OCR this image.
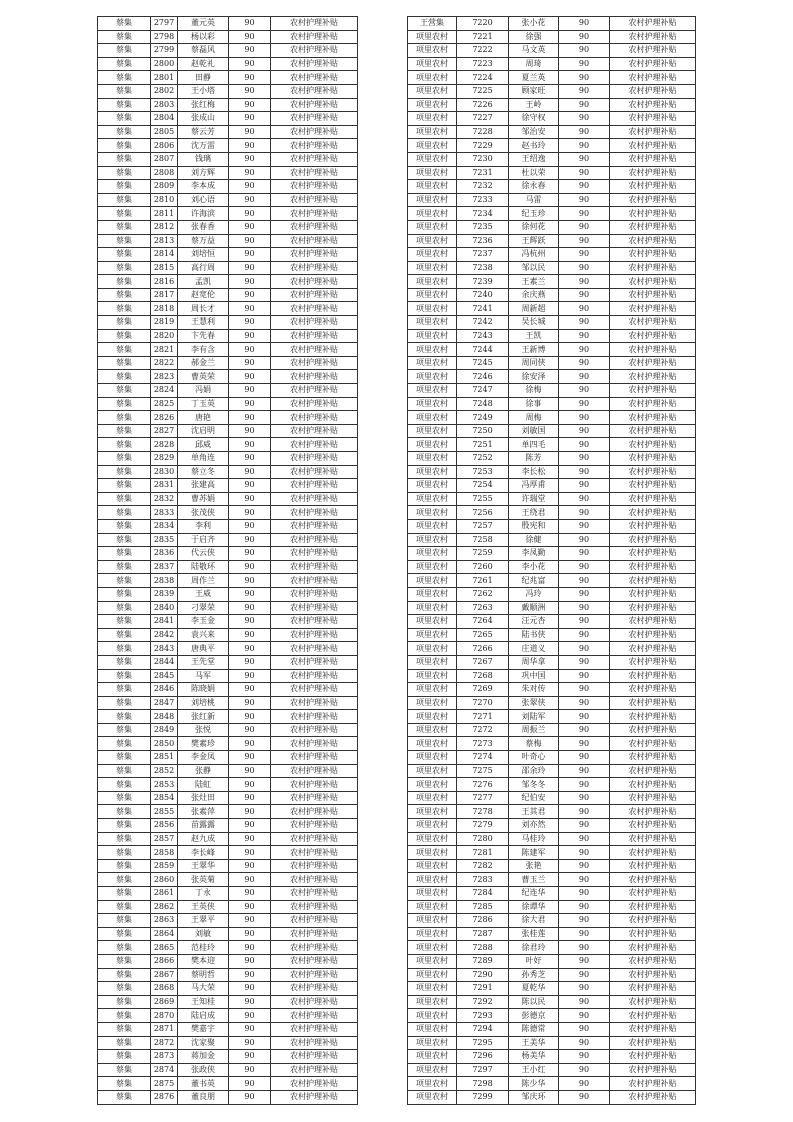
蔡集	2797	董元英	90	农村护理补贴
蔡集	2798	杨以彩	90	农村护理补贴
蔡集	2799	蔡磊风	90	农村护理补贴
蔡集	2800	赵乾礼	90	农村护理补贴
蔡集	2801	田静	90	农村护理补贴
蔡集	2802	王小塔	90	农村护理补贴
蔡集	2803	张红梅	90	农村护理补贴
蔡集	2804	张成山	90	农村护理补贴
蔡集	2805	蔡云芳	90	农村护理补贴
蔡集	2806	沈万雷	90	农村护理补贴
蔡集	2807	钱璃	90	农村护理补贴
蔡集	2808	刘方辉	90	农村护理补贴
蔡集	2809	李本成	90	农村护理补贴
蔡集	2810	刘心语	90	农村护理补贴
蔡集	2811	许海滨	90	农村护理补贴
蔡集	2812	张春香	90	农村护理补贴
蔡集	2813	蔡万益	90	农村护理补贴
蔡集	2814	刘培恒	90	农村护理补贴
蔡集	2815	高行周	90	农村护理补贴
蔡集	2816	孟凯	90	农村护理补贴
蔡集	2817	赵宽伦	90	农村护理补贴
蔡集	2818	周长才	90	农村护理补贴
蔡集	2819	王慧利	90	农村护理补贴
蔡集	2820	卞先春	90	农村护理补贴
蔡集	2821	李有含	90	农村护理补贴
蔡集	2822	郝金兰	90	农村护理补贴
蔡集	2823	曹英荣	90	农村护理补贴
蔡集	2824	冯娟	90	农村护理补贴
蔡集	2825	丁玉英	90	农村护理补贴
蔡集	2826	唐艳	90	农村护理补贴
蔡集	2827	沈启明	90	农村护理补贴
蔡集	2828	邱威	90	农村护理补贴
蔡集	2829	单角连	90	农村护理补贴
蔡集	2830	蔡立冬	90	农村护理补贴
蔡集	2831	张建高	90	农村护理补贴
蔡集	2832	曹苏娟	90	农村护理补贴
蔡集	2833	张茂侠	90	农村护理补贴
蔡集	2834	李利	90	农村护理补贴
蔡集	2835	于启齐	90	农村护理补贴
蔡集	2836	代云侠	90	农村护理补贴
蔡集	2837	陆敬环	90	农村护理补贴
蔡集	2838	周作兰	90	农村护理补贴
蔡集	2839	王威	90	农村护理补贴
蔡集	2840	刁翠荣	90	农村护理补贴
蔡集	2841	李玉金	90	农村护理补贴
蔡集	2842	袁兴来	90	农村护理补贴
蔡集	2843	唐典平	90	农村护理补贴
蔡集	2844	王先堂	90	农村护理补贴
蔡集	2845	马军	90	农村护理补贴
蔡集	2846	陈晓娟	90	农村护理补贴
蔡集	2847	刘培桃	90	农村护理补贴
蔡集	2848	张红新	90	农村护理补贴
蔡集	2849	张悦	90	农村护理补贴
蔡集	2850	樊素珍	90	农村护理补贴
蔡集	2851	李金凤	90	农村护理补贴
蔡集	2852	张静	90	农村护理补贴
蔡集	2853	陆虹	90	农村护理补贴
蔡集	2854	张灶田	90	农村护理补贴
蔡集	2855	张素萍	90	农村护理补贴
蔡集	2856	苗露露	90	农村护理补贴
蔡集	2857	赵九成	90	农村护理补贴
蔡集	2858	李长峰	90	农村护理补贴
蔡集	2859	王翠华	90	农村护理补贴
蔡集	2860	张英菊	90	农村护理补贴
蔡集	2861	丁永	90	农村护理补贴
蔡集	2862	王英侠	90	农村护理补贴
蔡集	2863	王翠平	90	农村护理补贴
蔡集	2864	刘敏	90	农村护理补贴
蔡集	2865	范桂玲	90	农村护理补贴
蔡集	2866	樊本迎	90	农村护理补贴
蔡集	2867	蔡明哲	90	农村护理补贴
蔡集	2868	马大荣	90	农村护理补贴
蔡集	2869	王知桂	90	农村护理补贴
蔡集	2870	陆启成	90	农村护理补贴
蔡集	2871	樊嘉宇	90	农村护理补贴
蔡集	2872	沈家聚	90	农村护理补贴
蔡集	2873	蒋加金	90	农村护理补贴
蔡集	2874	张政侠	90	农村护理补贴
蔡集	2875	董书英	90	农村护理补贴
蔡集	2876	董良朋	90	农村护理补贴
王营集	7220	张小花	90	农村护理补贴
项里农村	7221	徐强	90	农村护理补贴
项里农村	7222	马文英	90	农村护理补贴
项里农村	7223	周琦	90	农村护理补贴
项里农村	7224	夏兰英	90	农村护理补贴
项里农村	7225	顾家旺	90	农村护理补贴
项里农村	7226	王岭	90	农村护理补贴
项里农村	7227	徐守权	90	农村护理补贴
项里农村	7228	邹治安	90	农村护理补贴
项里农村	7229	赵书玲	90	农村护理补贴
项里农村	7230	王绍逸	90	农村护理补贴
项里农村	7231	杜以荣	90	农村护理补贴
项里农村	7232	徐永春	90	农村护理补贴
项里农村	7233	马雷	90	农村护理补贴
项里农村	7234	纪玉珍	90	农村护理补贴
项里农村	7235	徐何花	90	农村护理补贴
项里农村	7236	王辉跃	90	农村护理补贴
项里农村	7237	冯杭州	90	农村护理补贴
项里农村	7238	邹以民	90	农村护理补贴
项里农村	7239	王素兰	90	农村护理补贴
项里农村	7240	余庆燕	90	农村护理补贴
项里农村	7241	周新超	90	农村护理补贴
项里农村	7242	吴长城	90	农村护理补贴
项里农村	7243	王凯	90	农村护理补贴
项里农村	7244	王新博	90	农村护理补贴
项里农村	7245	周同侠	90	农村护理补贴
项里农村	7246	徐安泽	90	农村护理补贴
项里农村	7247	徐梅	90	农村护理补贴
项里农村	7248	徐事	90	农村护理补贴
项里农村	7249	周梅	90	农村护理补贴
项里农村	7250	刘敏国	90	农村护理补贴
项里农村	7251	单四毛	90	农村护理补贴
项里农村	7252	陈芳	90	农村护理补贴
项里农村	7253	李长松	90	农村护理补贴
项里农村	7254	冯厚甫	90	农村护理补贴
项里农村	7255	许瑞堂	90	农村护理补贴
项里农村	7256	王绕君	90	农村护理补贴
项里农村	7257	殷宪和	90	农村护理补贴
项里农村	7258	徐健	90	农村护理补贴
项里农村	7259	李凤勤	90	农村护理补贴
项里农村	7260	李小花	90	农村护理补贴
项里农村	7261	纪兆富	90	农村护理补贴
项里农村	7262	冯玲	90	农村护理补贴
项里农村	7263	戴顺洲	90	农村护理补贴
项里农村	7264	汪元杏	90	农村护理补贴
项里农村	7265	陆书侠	90	农村护理补贴
项里农村	7266	庄道义	90	农村护理补贴
项里农村	7267	周华拿	90	农村护理补贴
项里农村	7268	巩中国	90	农村护理补贴
项里农村	7269	朱对传	90	农村护理补贴
项里农村	7270	张翠侠	90	农村护理补贴
项里农村	7271	刘陆军	90	农村护理补贴
项里农村	7272	周振兰	90	农村护理补贴
项里农村	7273	蔡梅	90	农村护理补贴
项里农村	7274	叶奇心	90	农村护理补贴
项里农村	7275	邵余玲	90	农村护理补贴
项里农村	7276	邹冬冬	90	农村护理补贴
项里农村	7277	纪伯安	90	农村护理补贴
项里农村	7278	王其君	90	农村护理补贴
项里农村	7279	刘亦然	90	农村护理补贴
项里农村	7280	马桂玲	90	农村护理补贴
项里农村	7281	陈建军	90	农村护理补贴
项里农村	7282	张艳	90	农村护理补贴
项里农村	7283	曹玉兰	90	农村护理补贴
项里农村	7284	纪连华	90	农村护理补贴
项里农村	7285	徐谭华	90	农村护理补贴
项里农村	7286	徐大君	90	农村护理补贴
项里农村	7287	张桂莲	90	农村护理补贴
项里农村	7288	徐君玲	90	农村护理补贴
项里农村	7289	叶好	90	农村护理补贴
项里农村	7290	孙秀芝	90	农村护理补贴
项里农村	7291	夏乾华	90	农村护理补贴
项里农村	7292	陈以民	90	农村护理补贴
项里农村	7293	彭德京	90	农村护理补贴
项里农村	7294	陈德常	90	农村护理补贴
项里农村	7295	王美华	90	农村护理补贴
项里农村	7296	杨美华	90	农村护理补贴
项里农村	7297	王小红	90	农村护理补贴
项里农村	7298	陈少华	90	农村护理补贴
项里农村	7299	邹庆环	90	农村护理补贴
